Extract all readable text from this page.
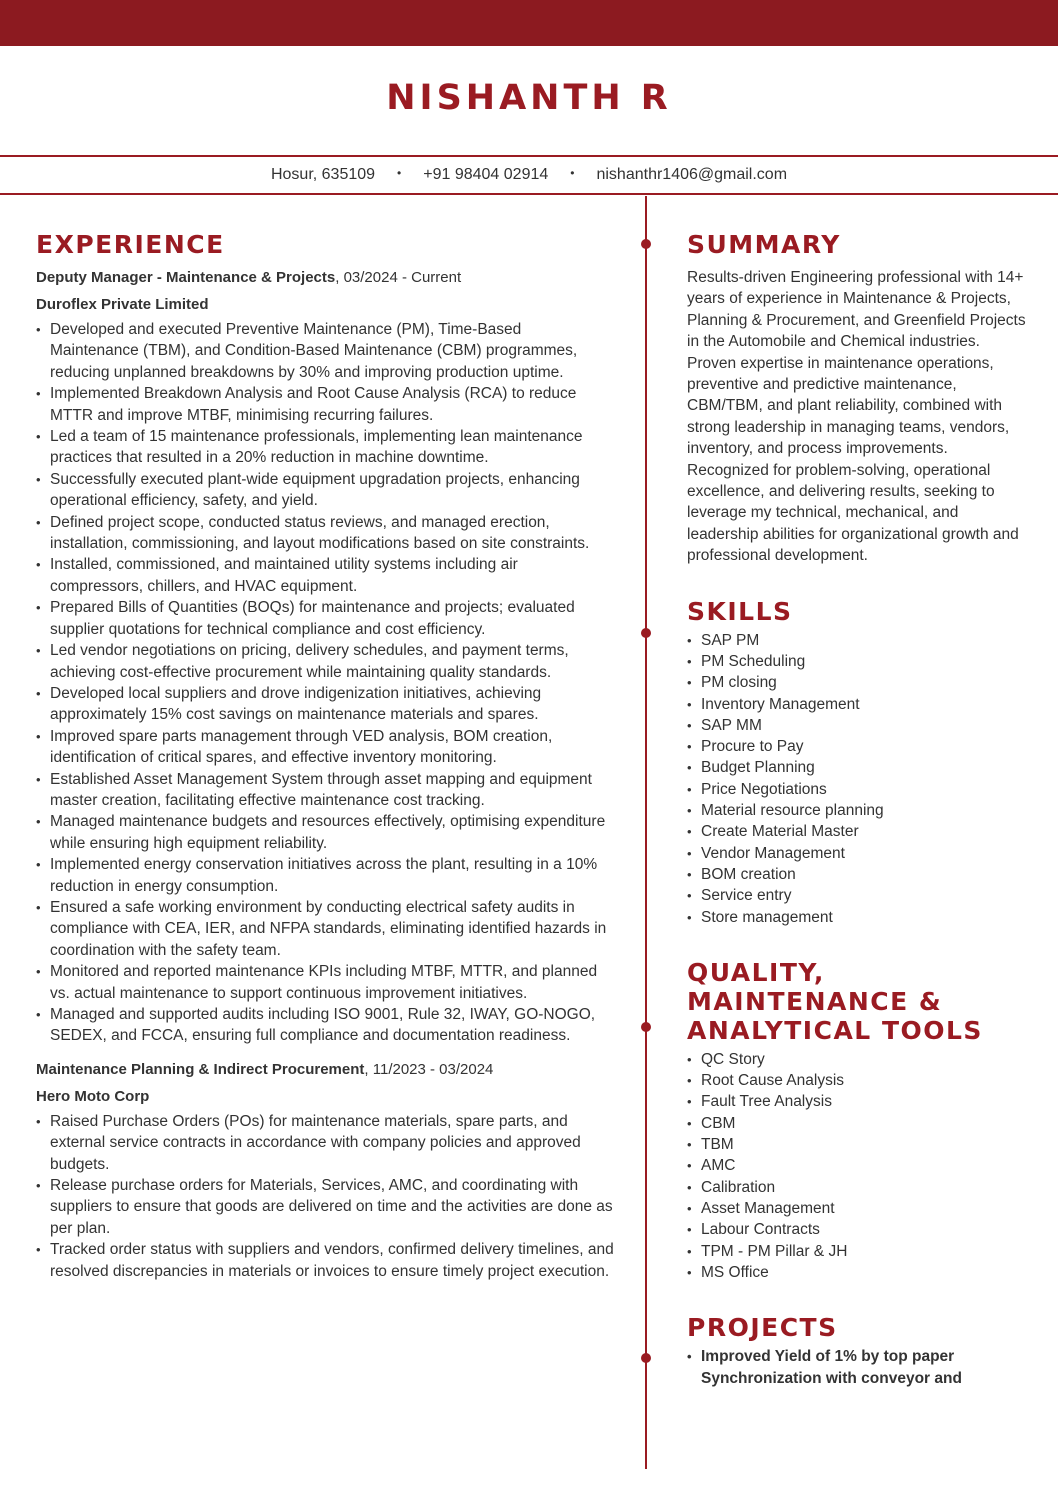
NISHANTH R
Hosur, 635109 • +91 98404 02914 • nishanthr1406@gmail.com
EXPERIENCE
Deputy Manager - Maintenance & Projects, 03/2024 - Current
Duroflex Private Limited
• Developed and executed Preventive Maintenance (PM), Time-Based Maintenance (TBM), and Condition-Based Maintenance (CBM) programmes, reducing unplanned breakdowns by 30% and improving production uptime.
• Implemented Breakdown Analysis and Root Cause Analysis (RCA) to reduce MTTR and improve MTBF, minimising recurring failures.
• Led a team of 15 maintenance professionals, implementing lean maintenance practices that resulted in a 20% reduction in machine downtime.
• Successfully executed plant-wide equipment upgradation projects, enhancing operational efficiency, safety, and yield.
• Defined project scope, conducted status reviews, and managed erection, installation, commissioning, and layout modifications based on site constraints.
• Installed, commissioned, and maintained utility systems including air compressors, chillers, and HVAC equipment.
• Prepared Bills of Quantities (BOQs) for maintenance and projects; evaluated supplier quotations for technical compliance and cost efficiency.
• Led vendor negotiations on pricing, delivery schedules, and payment terms, achieving cost-effective procurement while maintaining quality standards.
• Developed local suppliers and drove indigenization initiatives, achieving approximately 15% cost savings on maintenance materials and spares.
• Improved spare parts management through VED analysis, BOM creation, identification of critical spares, and effective inventory monitoring.
• Established Asset Management System through asset mapping and equipment master creation, facilitating effective maintenance cost tracking.
• Managed maintenance budgets and resources effectively, optimising expenditure while ensuring high equipment reliability.
• Implemented energy conservation initiatives across the plant, resulting in a 10% reduction in energy consumption.
• Ensured a safe working environment by conducting electrical safety audits in compliance with CEA, IER, and NFPA standards, eliminating identified hazards in coordination with the safety team.
• Monitored and reported maintenance KPIs including MTBF, MTTR, and planned vs. actual maintenance to support continuous improvement initiatives.
• Managed and supported audits including ISO 9001, Rule 32, IWAY, GO-NOGO, SEDEX, and FCCA, ensuring full compliance and documentation readiness.
Maintenance Planning & Indirect Procurement, 11/2023 - 03/2024
Hero Moto Corp
• Raised Purchase Orders (POs) for maintenance materials, spare parts, and external service contracts in accordance with company policies and approved budgets.
• Release purchase orders for Materials, Services, AMC, and coordinating with suppliers to ensure that goods are delivered on time and the activities are done as per plan.
• Tracked order status with suppliers and vendors, confirmed delivery timelines, and resolved discrepancies in materials or invoices to ensure timely project execution.
SUMMARY
Results-driven Engineering professional with 14+ years of experience in Maintenance & Projects, Planning & Procurement, and Greenfield Projects in the Automobile and Chemical industries. Proven expertise in maintenance operations, preventive and predictive maintenance, CBM/TBM, and plant reliability, combined with strong leadership in managing teams, vendors, inventory, and process improvements. Recognized for problem-solving, operational excellence, and delivering results, seeking to leverage my technical, mechanical, and leadership abilities for organizational growth and professional development.
SKILLS
• SAP PM
• PM Scheduling
• PM closing
• Inventory Management
• SAP MM
• Procure to Pay
• Budget Planning
• Price Negotiations
• Material resource planning
• Create Material Master
• Vendor Management
• BOM creation
• Service entry
• Store management
QUALITY,
MAINTENANCE &
ANALYTICAL TOOLS
• QC Story
• Root Cause Analysis
• Fault Tree Analysis
• CBM
• TBM
• AMC
• Calibration
• Asset Management
• Labour Contracts
• TPM - PM Pillar & JH
• MS Office
PROJECTS
• Improved Yield of 1% by top paper Synchronization with conveyor and
